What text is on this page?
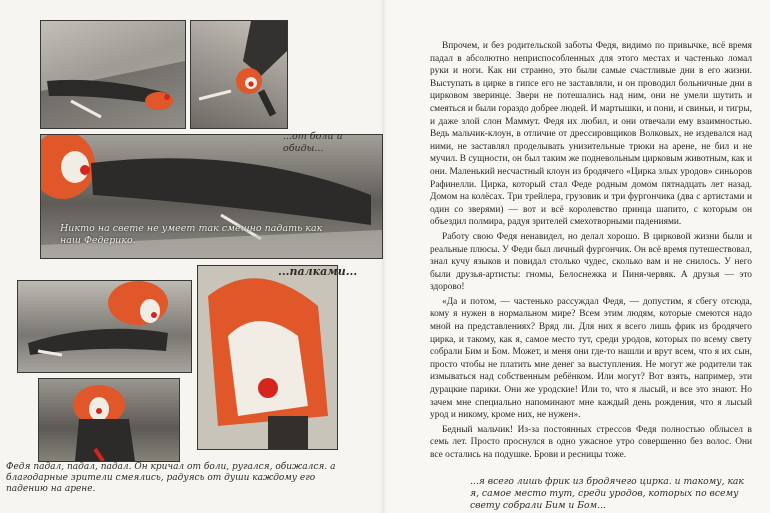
...от боли и обиды...
Никто на свете не умеет так смешно падать как наш Федерико.
...палками...
Федя падал, падал, падал. Он кричал от боли, ругался, обижался. а благодарные зрители смеялись, радуясь от души каждому его падению на арене.

Впрочем, и без родительской заботы Федя, видимо по привычке, всё время падал в абсолютно неприспособленных для этого местах и частенько ломал руки и ноги. Как ни странно, это были самые счастливые дни в его жизни. Выступать в цирке в гипсе его не заставляли, и он проводил больничные дни в цирковом зверинце. Звери не потешались над ним, они не умели шутить и смеяться и были гораздо добрее людей. И мартышки, и пони, и свиньи, и тигры, и даже злой слон Маммут. Федя их любил, и они отвечали ему взаимностью. Ведь мальчик-клоун, в отличие от дрессировщиков Волковых, не издевался над ними, не заставлял проделывать унизительные трюки на арене, не бил и не мучил. В сущности, он был таким же подневольным цирковым животным, как и они. Маленький несчастный клоун из бродячего «Цирка злых уродов» синьоров Рафинелли. Цирка, который стал Феде родным домом пятнадцать лет назад. Домом на колёсах. Три трейлера, грузовик и три фургончика (два с артистами и один со зверями) — вот и всё королевство принца шапито, с которым он объездил полмира, радуя зрителей смехотворными падениями.

Работу свою Федя ненавидел, но делал хорошо. В цирковой жизни были и реальные плюсы. У Феди был личный фургончик. Он всё время путешествовал, знал кучу языков и повидал столько чудес, сколько вам и не снилось. У него были друзья-артисты: гномы, Белоснежка и Пиня-червяк. А друзья — это здорово!

«Да и потом, — частенько рассуждал Федя, — допустим, я сбегу отсюда, кому я нужен в нормальном мире? Всем этим людям, которые смеются надо мной на представлениях? Вряд ли. Для них я всего лишь фрик из бродячего цирка, и такому, как я, самое место тут, среди уродов, которых по всему свету собрали Бим и Бом. Может, и меня они где-то нашли и врут всем, что я их сын, просто чтобы не платить мне денег за выступления. Не могут же родители так измываться над собственным ребёнком. Или могут? Вот взять, например, эти дурацкие парики. Они же уродские! Или то, что я лысый, и все это знают. Но зачем мне специально напоминают мне каждый день рождения, что я лысый урод и никому, кроме них, не нужен».

Бедный мальчик! Из-за постоянных стрессов Федя полностью облысел в семь лет. Просто проснулся в одно ужасное утро совершенно без волос. Они все остались на подушке. Брови и ресницы тоже.

...я всего лишь фрик из бродячего цирка. и такому, как я, самое место тут, среди уродов, которых по всему свету собрали Бим и Бом...
